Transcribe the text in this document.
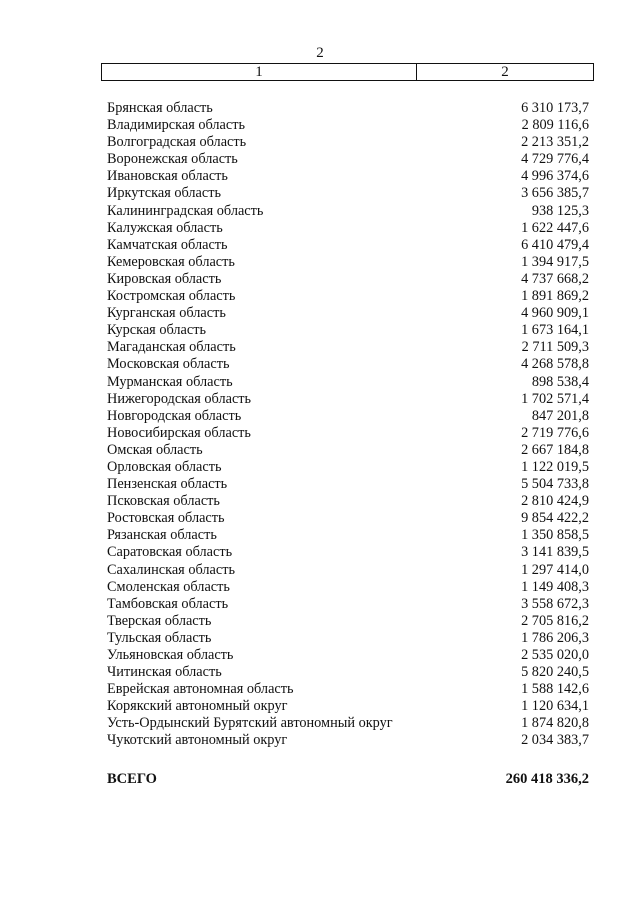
2
1	2
Брянская область	6 310 173,7
Владимирская область	2 809 116,6
Волгоградская область	2 213 351,2
Воронежская область	4 729 776,4
Ивановская область	4 996 374,6
Иркутская область	3 656 385,7
Калининградская область	938 125,3
Калужская область	1 622 447,6
Камчатская область	6 410 479,4
Кемеровская область	1 394 917,5
Кировская область	4 737 668,2
Костромская область	1 891 869,2
Курганская область	4 960 909,1
Курская область	1 673 164,1
Магаданская область	2 711 509,3
Московская область	4 268 578,8
Мурманская область	898 538,4
Нижегородская область	1 702 571,4
Новгородская область	847 201,8
Новосибирская область	2 719 776,6
Омская область	2 667 184,8
Орловская область	1 122 019,5
Пензенская область	5 504 733,8
Псковская область	2 810 424,9
Ростовская область	9 854 422,2
Рязанская область	1 350 858,5
Саратовская область	3 141 839,5
Сахалинская область	1 297 414,0
Смоленская область	1 149 408,3
Тамбовская область	3 558 672,3
Тверская область	2 705 816,2
Тульская область	1 786 206,3
Ульяновская область	2 535 020,0
Читинская область	5 820 240,5
Еврейская автономная область	1 588 142,6
Корякский автономный округ	1 120 634,1
Усть-Ордынский Бурятский автономный округ	1 874 820,8
Чукотский автономный округ	2 034 383,7
ВСЕГО	260 418 336,2
